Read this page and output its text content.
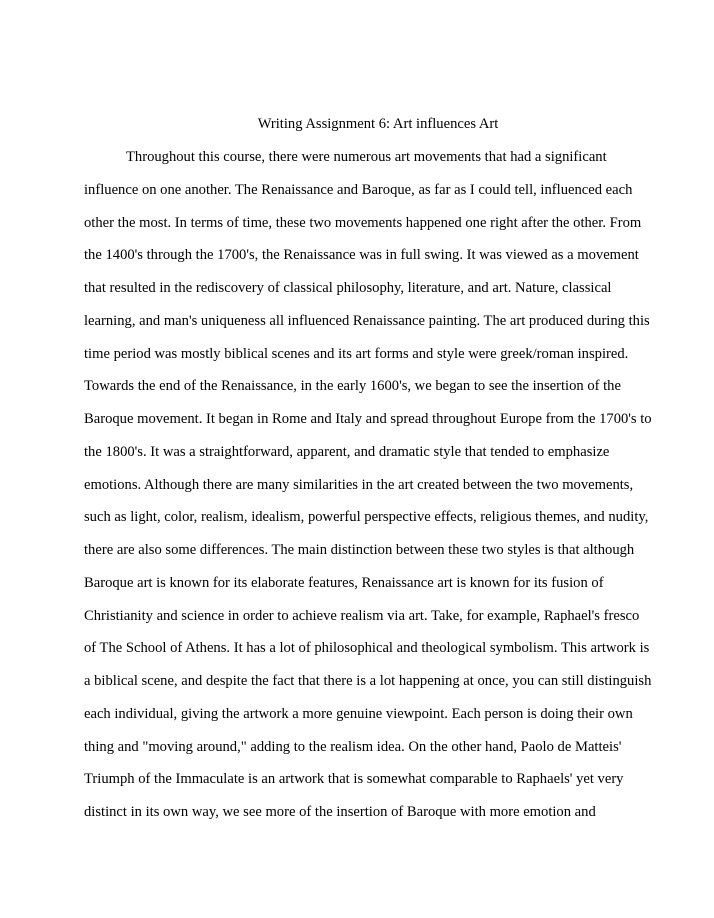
Writing Assignment 6: Art influences Art
Throughout this course, there were numerous art movements that had a significant
influence on one another. The Renaissance and Baroque, as far as I could tell, influenced each
other the most. In terms of time, these two movements happened one right after the other. From
the 1400's through the 1700's, the Renaissance was in full swing. It was viewed as a movement
that resulted in the rediscovery of classical philosophy, literature, and art. Nature, classical
learning, and man's uniqueness all influenced Renaissance painting. The art produced during this
time period was mostly biblical scenes and its art forms and style were greek/roman inspired.
Towards the end of the Renaissance, in the early 1600's, we began to see the insertion of the
Baroque movement. It began in Rome and Italy and spread throughout Europe from the 1700's to
the 1800's. It was a straightforward, apparent, and dramatic style that tended to emphasize
emotions. Although there are many similarities in the art created between the two movements,
such as light, color, realism, idealism, powerful perspective effects, religious themes, and nudity,
there are also some differences. The main distinction between these two styles is that although
Baroque art is known for its elaborate features, Renaissance art is known for its fusion of
Christianity and science in order to achieve realism via art. Take, for example, Raphael's fresco
of The School of Athens. It has a lot of philosophical and theological symbolism. This artwork is
a biblical scene, and despite the fact that there is a lot happening at once, you can still distinguish
each individual, giving the artwork a more genuine viewpoint. Each person is doing their own
thing and "moving around," adding to the realism idea. On the other hand, Paolo de Matteis'
Triumph of the Immaculate is an artwork that is somewhat comparable to Raphaels' yet very
distinct in its own way, we see more of the insertion of Baroque with more emotion and
